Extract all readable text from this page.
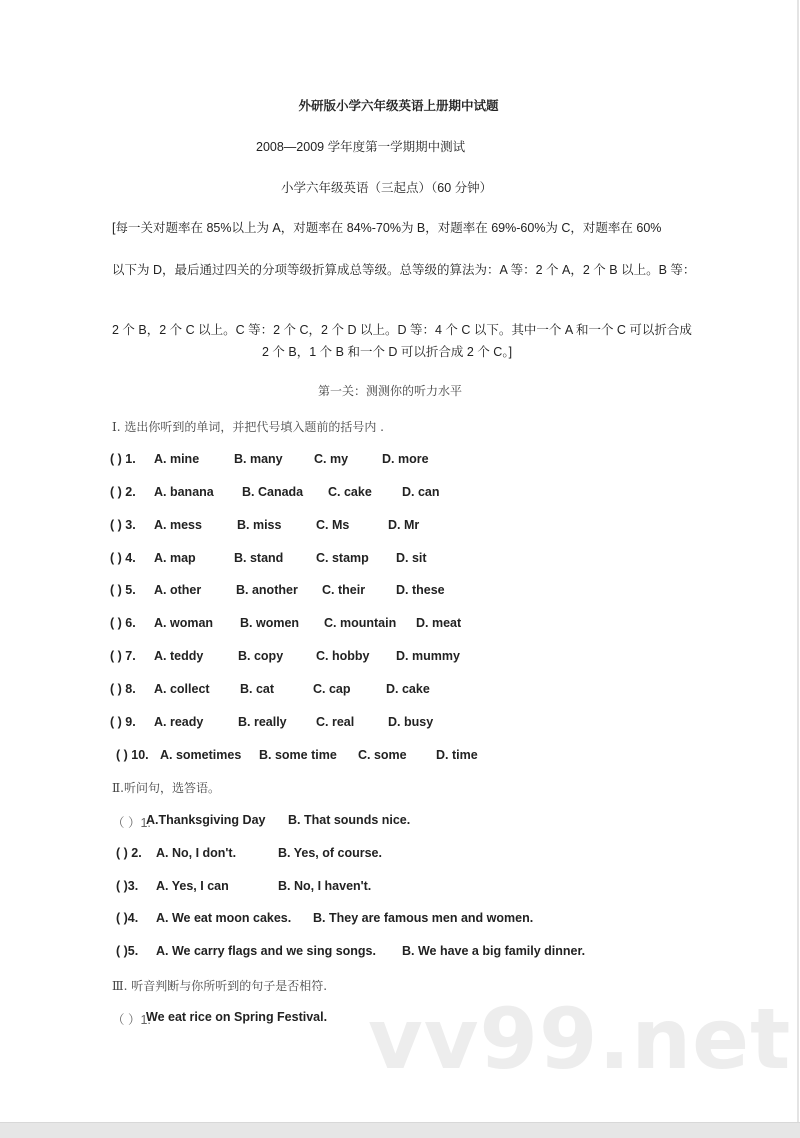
外研版小学六年级英语上册期中试题
2008—2009 学年度第一学期期中测试
小学六年级英语（三起点）（60 分钟）
[每一关对题率在 85%以上为 A，对题率在 84%-70%为 B，对题率在 69%-60%为 C，对题率在 60%
以下为 D，最后通过四关的分项等级折算成总等级。总等级的算法为：A 等：2 个 A，2 个 B 以上。B 等：
2 个 B，2 个 C 以上。C 等：2 个 C，2 个 D 以上。D 等：4 个 C 以下。其中一个 A 和一个 C 可以折合成
2 个 B，1 个 B 和一个 D 可以折合成 2 个 C。]
第一关：测测你的听力水平
Ⅰ. 选出你听到的单词，并把代号填入题前的括号内 .
( ) 1. A. mine	B. many	C. my	D. more
( ) 2. A. banana B. Canada C. cake D. can
( ) 3. A. mess	B. miss	C. Ms	D. Mr
( ) 4. A. map	B. stand	C. stamp D. sit
( ) 5. A. other	B. another C. their D. these
( ) 6. A. woman B. women C. mountain D. meat
( ) 7. A. teddy	B. copy	C. hobby D. mummy
( ) 8. A. collect B. cat	C. cap	D. cake
( ) 9. A. ready	B. really C. real	D. busy
( ) 10. A. sometimes B. some time C. some D. time
Ⅱ.听问句，选答语。
（ ）1.
A.Thanksgiving Day B. That sounds nice.
( ) 2. A. No, I don't.	B. Yes, of course.
( )3. A. Yes, I can	B. No, I haven't.
( )4. A. We eat moon cakes. B. They are famous men and women.
( )5. A. We carry flags and we sing songs. B. We have a big family dinner.
Ⅲ. 听音判断与你所听到的句子是否相符.
（ ）1.
We eat rice on Spring Festival. vv99.net
